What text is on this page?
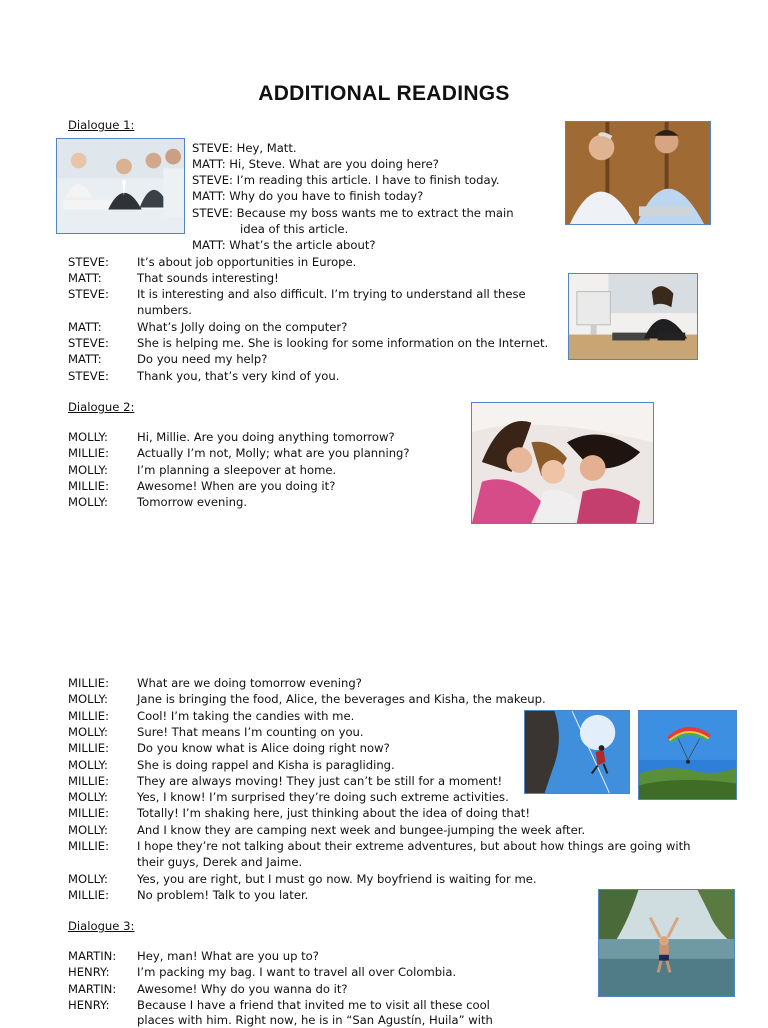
ADDITIONAL READINGS
Dialogue 1:
STEVE: Hey, Matt.
MATT: Hi, Steve. What are you doing here?
STEVE: I’m reading this article. I have to finish today.
MATT: Why do you have to finish today?
STEVE: Because my boss wants me to extract the main
idea of this article.
MATT: What’s the article about?
STEVE: It’s about job opportunities in Europe.
MATT:	That sounds interesting!
STEVE: It is interesting and also difficult. I’m trying to understand all these
numbers.
MATT:	What’s Jolly doing on the computer?
STEVE: She is helping me. She is looking for some information on the Internet.
MATT:	Do you need my help?
STEVE: Thank you, that’s very kind of you.
Dialogue 2:
MOLLY:	Hi, Millie. Are you doing anything tomorrow?
MILLIE: Actually I’m not, Molly; what are you planning?
MOLLY:	I’m planning a sleepover at home.
MILLIE: Awesome! When are you doing it?
MOLLY:	Tomorrow evening.
MILLIE: What are we doing tomorrow evening?
MOLLY:	Jane is bringing the food, Alice, the beverages and Kisha, the makeup.
MILLIE: Cool! I’m taking the candies with me.
MOLLY:	Sure! That means I’m counting on you.
MILLIE: Do you know what is Alice doing right now?
MOLLY:	She is doing rappel and Kisha is paragliding.
MILLIE: They are always moving! They just can’t be still for a moment!
MOLLY:	Yes, I know! I’m surprised they’re doing such extreme activities.
MILLIE: Totally! I’m shaking here, just thinking about the idea of doing that!
MOLLY:	And I know they are camping next week and bungee-jumping the week after.
MILLIE: I hope they’re not talking about their extreme adventures, but about how things are going with
their guys, Derek and Jaime.
MOLLY:	Yes, you are right, but I must go now. My boyfriend is waiting for me.
MILLIE: No problem! Talk to you later.
Dialogue 3:
MARTIN: Hey, man! What are you up to?
HENRY: I’m packing my bag. I want to travel all over Colombia.
MARTIN: Awesome! Why do you wanna do it?
HENRY: Because I have a friend that invited me to visit all these cool
places with him. Right now, he is in “San Agustín, Huila” with
